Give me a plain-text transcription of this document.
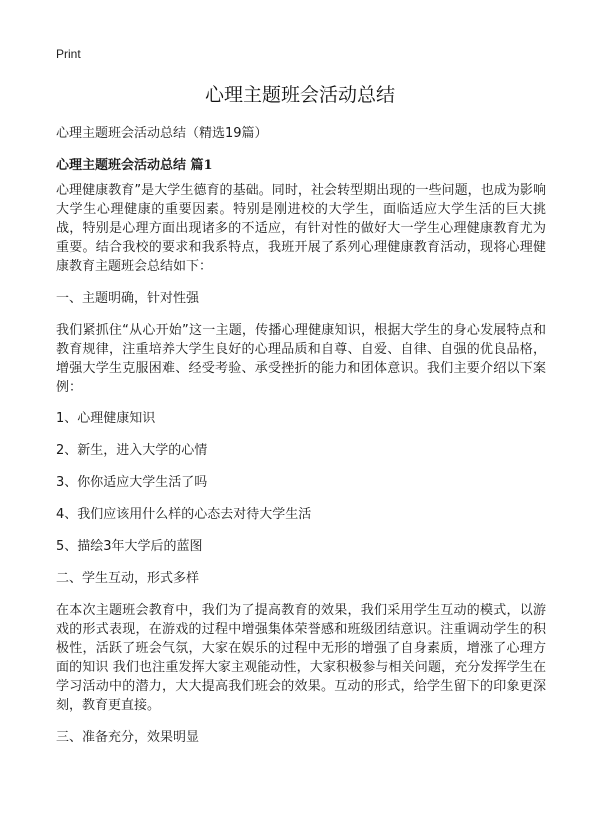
Print
心理主题班会活动总结

心理主题班会活动总结（精选19篇）

心理主题班会活动总结 篇1

心理健康教育”是大学生德育的基础。同时，社会转型期出现的一些问题，也成为影响大学生心理健康的重要因素。特别是刚进校的大学生，面临适应大学生活的巨大挑战，特别是心理方面出现诸多的不适应，有针对性的做好大一学生心理健康教育尤为重要。结合我校的要求和我系特点，我班开展了系列心理健康教育活动，现将心理健康教育主题班会总结如下：

一、主题明确，针对性强

我们紧抓住“从心开始”这一主题，传播心理健康知识，根据大学生的身心发展特点和教育规律，注重培养大学生良好的心理品质和自尊、自爱、自律、自强的优良品格，增强大学生克服困难、经受考验、承受挫折的能力和团体意识。我们主要介绍以下案例：

1、心理健康知识

2、新生，进入大学的心情

3、你你适应大学生活了吗

4、我们应该用什么样的心态去对待大学生活

5、描绘3年大学后的蓝图

二、学生互动，形式多样

在本次主题班会教育中，我们为了提高教育的效果，我们采用学生互动的模式，以游戏的形式表现，在游戏的过程中增强集体荣誉感和班级团结意识。注重调动学生的积极性，活跃了班会气氛，大家在娱乐的过程中无形的增强了自身素质，增涨了心理方面的知识 我们也注重发挥大家主观能动性，大家积极参与相关问题，充分发挥学生在学习活动中的潜力，大大提高我们班会的效果。互动的形式，给学生留下的印象更深刻，教育更直接。

三、准备充分，效果明显
